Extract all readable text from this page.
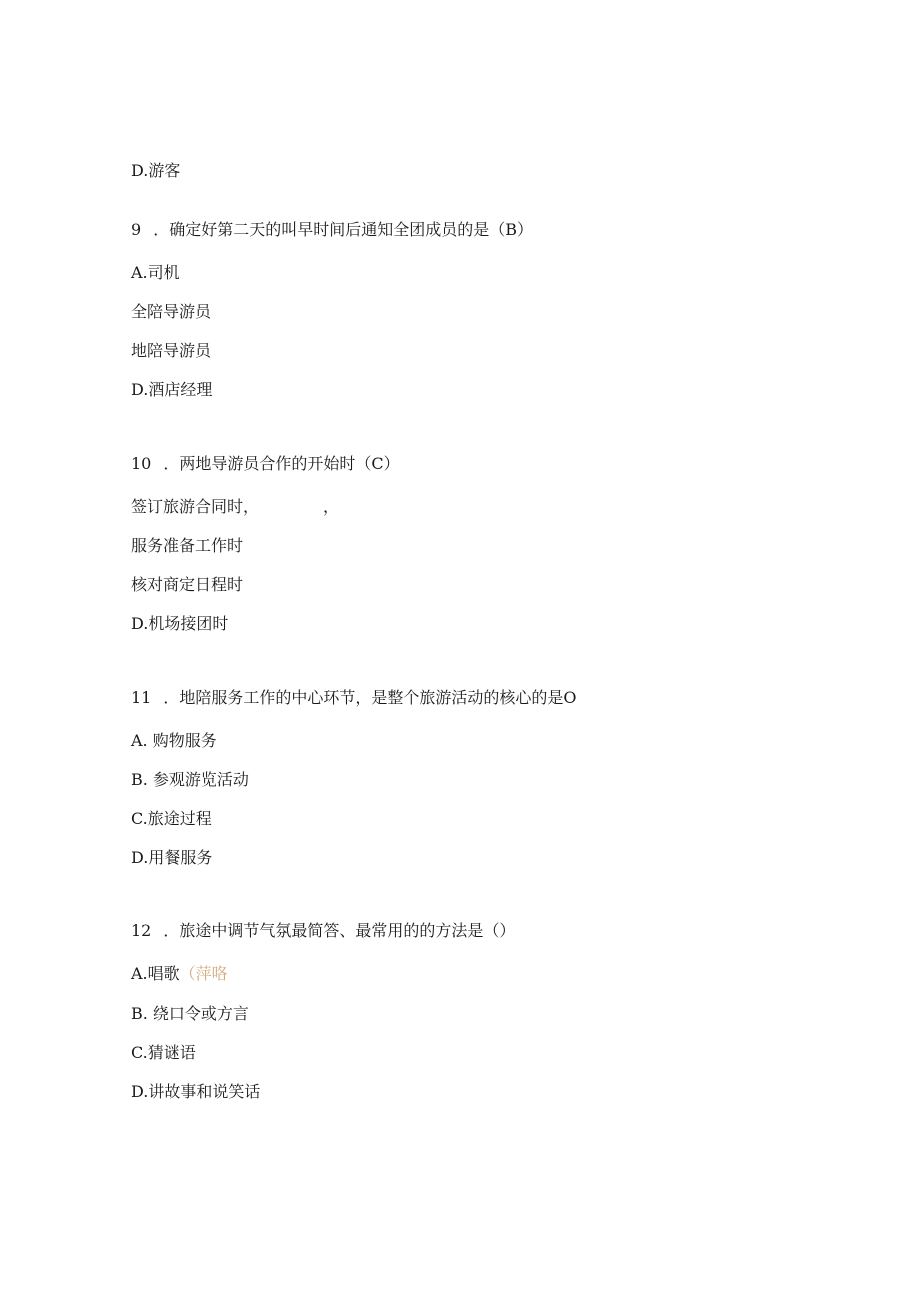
D.游客
9 ．确定好第二天的叫早时间后通知全团成员的是（B）
A.司机
全陪导游员
地陪导游员
D.酒店经理
10 ．两地导游员合作的开始时（C）
签订旅游合同时，	，
服务准备工作时
核对商定日程时
D.机场接团时
11 ．地陪服务工作的中心环节，是整个旅游活动的核心的是O
A. 购物服务
B. 参观游览活动
C.旅途过程
D.用餐服务
12 ．旅途中调节气氛最简答、最常用的的方法是（）
A.唱歌（萍咯
B. 绕口令或方言
C.猜谜语
D.讲故事和说笑话
